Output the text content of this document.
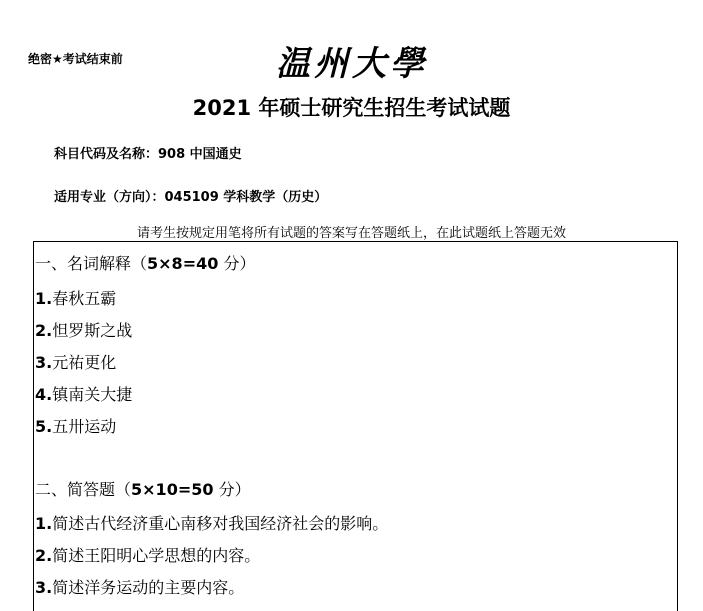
绝密★考试结束前	温州大學
2021 年硕士研究生招生考试试题
科目代码及名称：908 中国通史
适用专业（方向）：045109 学科教学（历史）
请考生按规定用笔将所有试题的答案写在答题纸上，在此试题纸上答题无效
一、名词解释（5×8=40 分）
1.春秋五霸
2.怛罗斯之战
3.元祐更化
4.镇南关大捷
5.五卅运动
二、简答题（5×10=50 分）
1.简述古代经济重心南移对我国经济社会的影响。
2.简述王阳明心学思想的内容。
3.简述洋务运动的主要内容。
